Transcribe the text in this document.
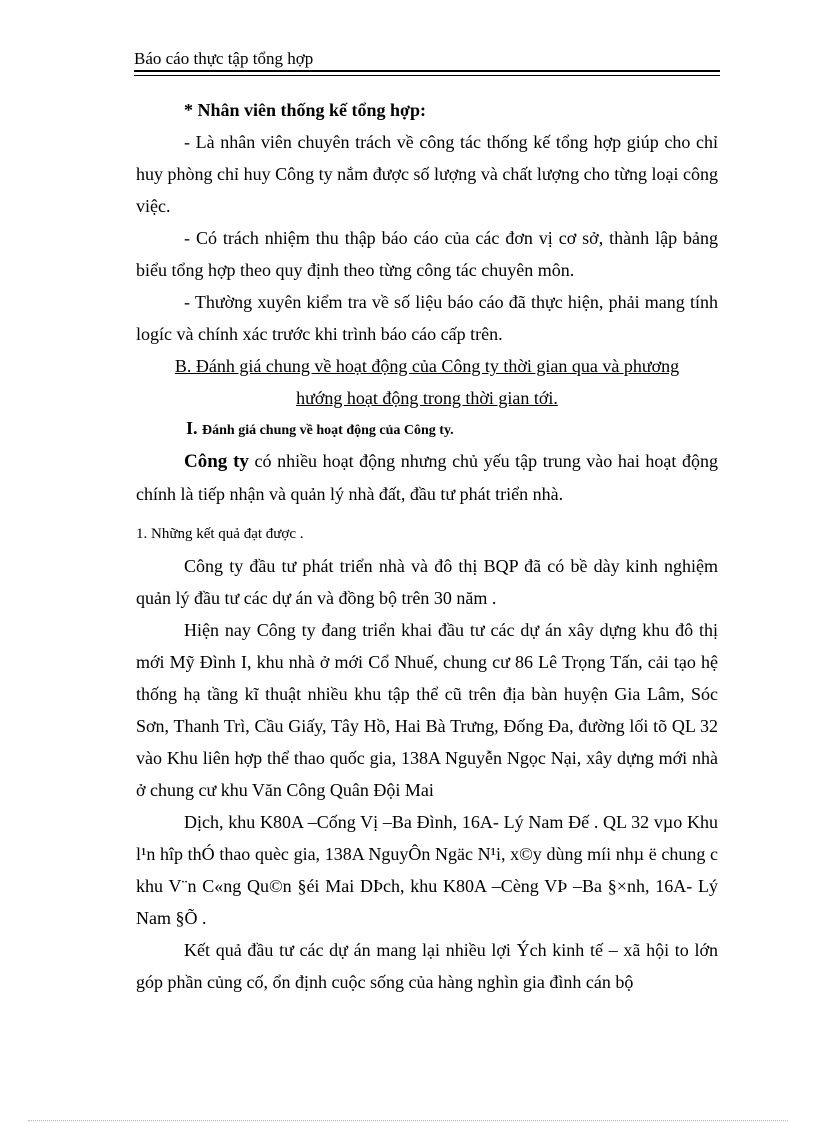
Báo cáo thực tập tổng hợp

* Nhân viên thống kế tổng hợp:

- Là nhân viên chuyên trách về công tác thống kế tổng hợp giúp cho chỉ huy phòng chỉ huy Công ty nắm được số lượng và chất lượng cho từng loại công việc.

- Có trách nhiệm thu thập báo cáo của các đơn vị cơ sở, thành lập bảng biểu tổng hợp theo quy định theo từng công tác chuyên môn.

- Thường xuyên kiểm tra về số liệu báo cáo đã thực hiện, phải mang tính logíc và chính xác trước khi trình báo cáo cấp trên.

B. Đánh giá chung về hoạt động của Công ty thời gian qua và phương
hướng hoạt động trong thời gian tới.

I. Đánh giá chung về hoạt động của Công ty.

Công ty có nhiều hoạt động nhưng chủ yếu tập trung vào hai hoạt động chính là tiếp nhận và quản lý nhà đất, đầu tư phát triển nhà.

1. Những kết quả đạt được .

Công ty đầu tư phát triển nhà và đô thị BQP đã có bề dày kinh nghiệm quản lý đầu tư các dự án và đồng bộ trên 30 năm .

Hiện nay Công ty đang triển khai đầu tư các dự án xây dựng khu đô thị mới Mỹ Đình I, khu nhà ở mới Cổ Nhuế, chung cư 86 Lê Trọng Tấn, cải tạo hệ thống hạ tầng kĩ thuật nhiều khu tập thể cũ trên địa bàn huyện Gia Lâm, Sóc Sơn, Thanh Trì, Cầu Giấy, Tây Hồ, Hai Bà Trưng, Đống Đa, đường lối tõ QL 32 vào Khu liên hợp thể thao quốc gia, 138A Nguyễn Ngọc Nại, xây dựng mới nhà ở chung cư khu Văn Công Quân Đội Mai

Dịch, khu K80A –Cống Vị –Ba Đình, 16A- Lý Nam Đế . QL 32 vµo Khu l¹n hîp thÓ thao quèc gia, 138A NguyÔn Ngäc N¹i, x©y dùng míi nhµ ë chung c khu V¨n C«ng Qu©n §éi Mai DÞch, khu K80A –Cèng VÞ –Ba §×nh, 16A- Lý Nam §Õ .

Kết quả đầu tư các dự án mang lại nhiều lợi Ých kinh tế – xã hội to lớn góp phần củng cố, ổn định cuộc sống của hàng nghìn gia đình cán bộ
